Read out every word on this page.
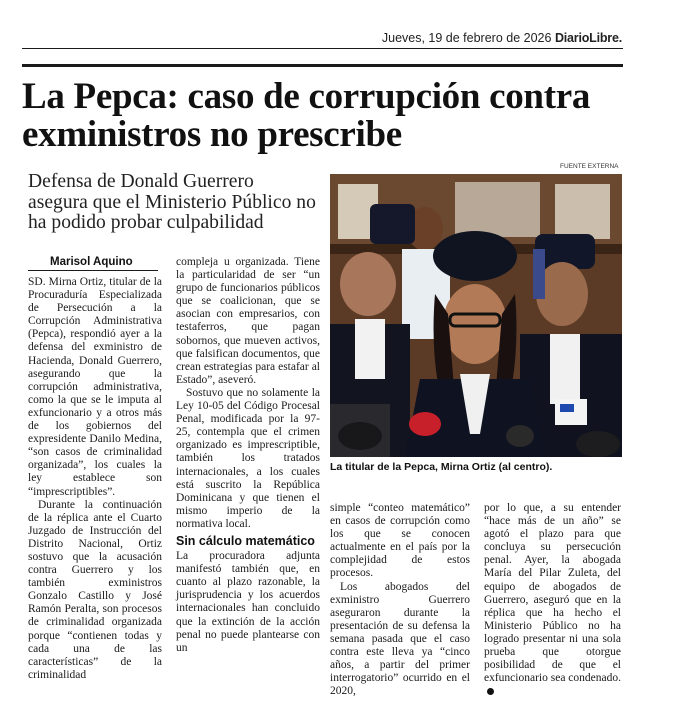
Jueves, 19 de febrero de 2026 DiarioLibre.
La Pepca: caso de corrupción contra exministros no prescribe

Defensa de Donald Guerrero asegura que el Ministerio Público no ha podido probar culpabilidad

Marisol Aquino

SD. Mirna Ortiz, titular de la Procuraduría Especializada de Persecución a la Corrupción Administrativa (Pepca), respondió ayer a la defensa del exministro de Hacienda, Donald Guerrero, asegurando que la corrupción administrativa, como la que se le imputa al exfuncionario y a otros más de los gobiernos del expresidente Danilo Medina, “son casos de criminalidad organizada”, los cuales la ley establece son “imprescriptibles”.

Durante la continuación de la réplica ante el Cuarto Juzgado de Instrucción del Distrito Nacional, Ortiz sostuvo que la acusación contra Guerrero y los también exministros Gonzalo Castillo y José Ramón Peralta, son procesos de criminalidad organizada porque “contienen todas y cada una de las características” de la criminalidad

compleja u organizada. Tiene la particularidad de ser “un grupo de funcionarios públicos que se coalicionan, que se asocian con empresarios, con testaferros, que pagan sobornos, que mueven activos, que falsifican documentos, que crean estrategias para estafar al Estado”, aseveró.

Sostuvo que no solamente la Ley 10-05 del Código Procesal Penal, modificada por la 97-25, contempla que el crimen organizado es imprescriptible, también los tratados internacionales, a los cuales está suscrito la República Dominicana y que tienen el mismo imperio de la normativa local.

Sin cálculo matemático

La procuradora adjunta manifestó también que, en cuanto al plazo razonable, la jurisprudencia y los acuerdos internacionales han concluido que la extinción de la acción penal no puede plantearse con un

FUENTE EXTERNA
La titular de la Pepca, Mirna Ortiz (al centro).

simple “conteo matemático” en casos de corrupción como los que se conocen actualmente en el país por la complejidad de estos procesos.

Los abogados del exministro Guerrero aseguraron durante la presentación de su defensa la semana pasada que el caso contra este lleva ya “cinco años, a partir del primer interrogatorio” ocurrido en el 2020,

por lo que, a su entender “hace más de un año” se agotó el plazo para que concluya su persecución penal. Ayer, la abogada María del Pilar Zuleta, del equipo de abogados de Guerrero, aseguró que en la réplica que ha hecho el Ministerio Público no ha logrado presentar ni una sola prueba que otorgue posibilidad de que el exfuncionario sea condenado.
